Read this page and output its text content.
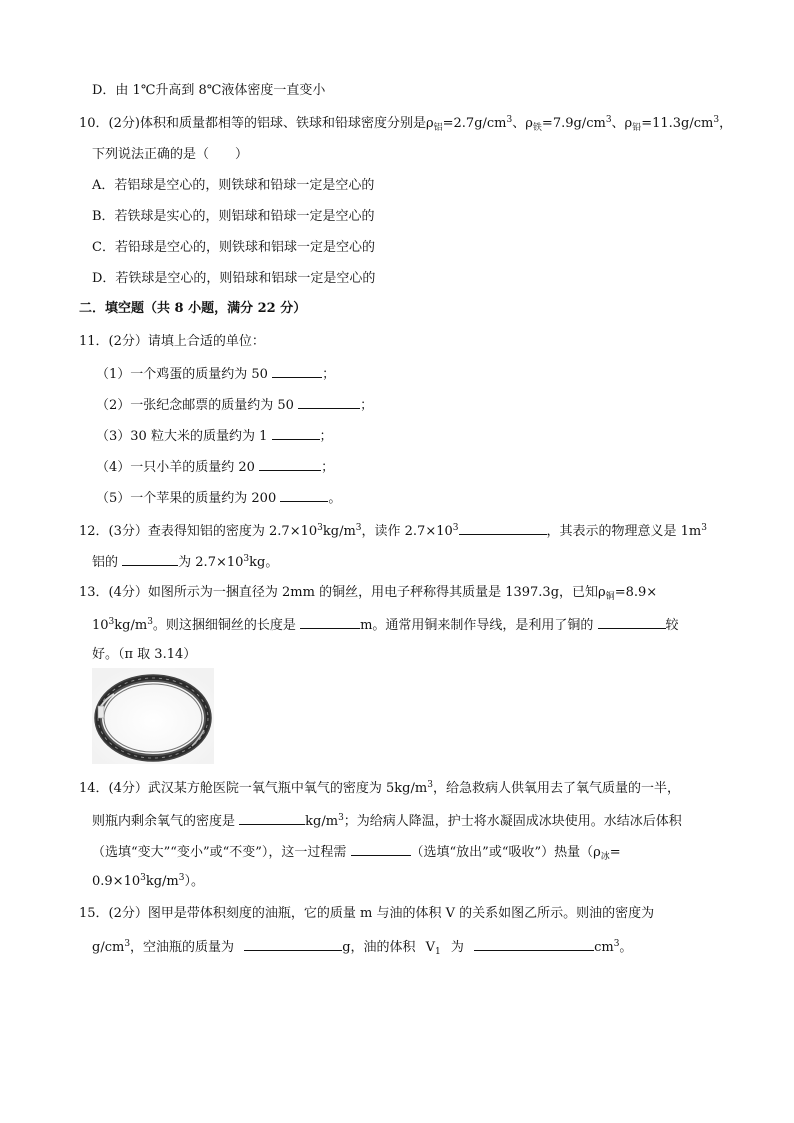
D．由 1℃升高到 8℃液体密度一直变小
10．(2分)体积和质量都相等的铝球、铁球和铅球密度分别是$\rho_铝=2.7g/cm^3$、$\rho_铁=7.9g/cm^3$、$\rho_铅=11.3g/cm^3$，
下列说法正确的是（　　）
A．若铝球是空心的，则铁球和铅球一定是空心的
B．若铁球是实心的，则铝球和铅球一定是空心的
C．若铅球是空心的，则铁球和铝球一定是空心的
D．若铁球是空心的，则铅球和铝球一定是空心的
二．填空题（共 8 小题，满分 22 分）
11．(2分）请填上合适的单位：
（1）一个鸡蛋的质量约为 50	；
（2）一张纪念邮票的质量约为 50	；
（3）30 粒大米的质量约为 1	；
（4）一只小羊的质量约 20	；
（5）一个苹果的质量约为 200	。
12．(3分）查表得知铝的密度为 $2.7\times 10^3kg/m^3$，读作 $2.7\times 10^3$	，其表示的物理意义是 $1m^3$
铝的	为 $2.7\times 10^3kg$。
13．(4分）如图所示为一捆直径为 2mm 的铜丝，用电子秤称得其质量是 1397.3g，已知$\rho_铜=8.9\times$
$10^3kg/m^3$。则这捆细铜丝的长度是	m。通常用铜来制作导线，是利用了铜的	较
好。（π 取 3.14）
14．(4分）武汉某方舱医院一氧气瓶中氧气的密度为 $5kg/m^3$，给急救病人供氧用去了氧气质量的一半，
则瓶内剩余氧气的密度是	$kg/m^3$；为给病人降温，护士将水凝固成冰块使用。水结冰后体积
（选填“变大”“变小”或“不变”），这一过程需	（选填“放出”或“吸收”）热量（$\rho_冰=$
$0.9\times 10^3kg/m^3$）。
15．(2分）图甲是带体积刻度的油瓶，它的质量 m 与油的体积 V 的关系如图乙所示。则油的密度为
$g/cm^3$，空油瓶的质量为	g，油的体积 $V_1$ 为	$cm^3$。
